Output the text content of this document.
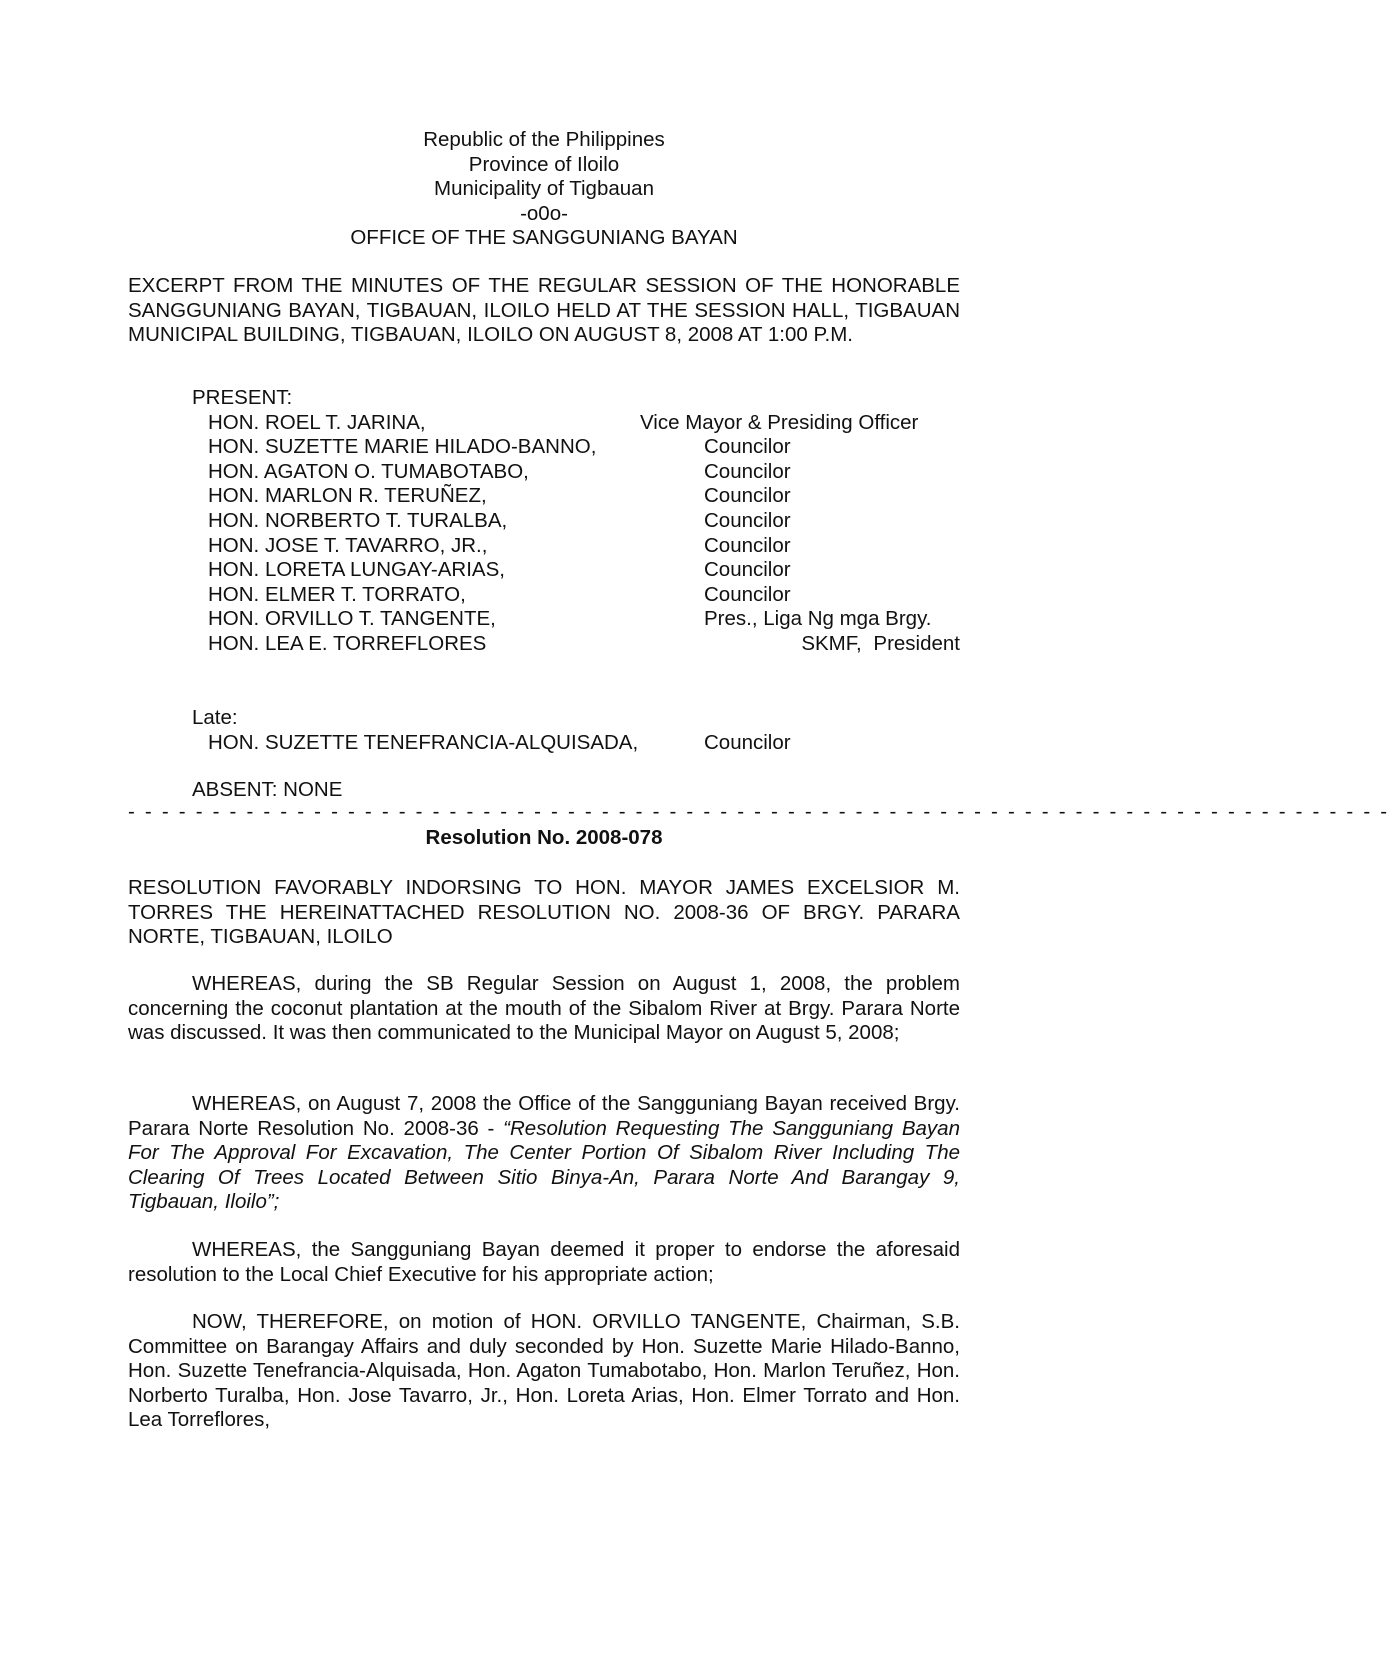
Republic of the Philippines
Province of Iloilo
Municipality of Tigbauan
-o0o-
OFFICE OF THE SANGGUNIANG BAYAN
EXCERPT FROM THE MINUTES OF THE REGULAR SESSION OF THE HONORABLE SANGGUNIANG BAYAN, TIGBAUAN, ILOILO HELD AT THE SESSION HALL, TIGBAUAN MUNICIPAL BUILDING, TIGBAUAN, ILOILO ON AUGUST 8, 2008 AT 1:00 P.M.
PRESENT:
HON. ROEL T. JARINA,	Vice Mayor & Presiding Officer
HON. SUZETTE MARIE HILADO-BANNO,	Councilor
HON. AGATON O. TUMABOTABO,	Councilor
HON. MARLON R. TERUÑEZ,	Councilor
HON. NORBERTO T. TURALBA,	Councilor
HON. JOSE T. TAVARRO, JR.,	Councilor
HON. LORETA LUNGAY-ARIAS,	Councilor
HON. ELMER T. TORRATO,	Councilor
HON. ORVILLO T. TANGENTE,	Pres., Liga Ng mga Brgy.
HON. LEA E. TORREFLORES	SKMF, President
Late:
HON. SUZETTE TENEFRANCIA-ALQUISADA,	Councilor
ABSENT: NONE
- - - - - - - - - - - - - - - - - - - - - - - - - - - - - - - - - - - - - - - - - - - - - - - - - - - - - - - - - - - - - - - - - - - - - - - - - - -
Resolution No. 2008-078
RESOLUTION FAVORABLY INDORSING TO HON. MAYOR JAMES EXCELSIOR M. TORRES THE HEREINATTACHED RESOLUTION NO. 2008-36 OF BRGY. PARARA NORTE, TIGBAUAN, ILOILO
WHEREAS, during the SB Regular Session on August 1, 2008, the problem concerning the coconut plantation at the mouth of the Sibalom River at Brgy. Parara Norte was discussed. It was then communicated to the Municipal Mayor on August 5, 2008;
WHEREAS, on August 7, 2008 the Office of the Sangguniang Bayan received Brgy. Parara Norte Resolution No. 2008-36 - “Resolution Requesting The Sangguniang Bayan For The Approval For Excavation, The Center Portion Of Sibalom River Including The Clearing Of Trees Located Between Sitio Binya-An, Parara Norte And Barangay 9, Tigbauan, Iloilo”;
WHEREAS, the Sangguniang Bayan deemed it proper to endorse the aforesaid resolution to the Local Chief Executive for his appropriate action;
NOW, THEREFORE, on motion of HON. ORVILLO TANGENTE, Chairman, S.B. Committee on Barangay Affairs and duly seconded by Hon. Suzette Marie Hilado-Banno, Hon. Suzette Tenefrancia-Alquisada, Hon. Agaton Tumabotabo, Hon. Marlon Teruñez, Hon. Norberto Turalba, Hon. Jose Tavarro, Jr., Hon. Loreta Arias, Hon. Elmer Torrato and Hon. Lea Torreflores,
